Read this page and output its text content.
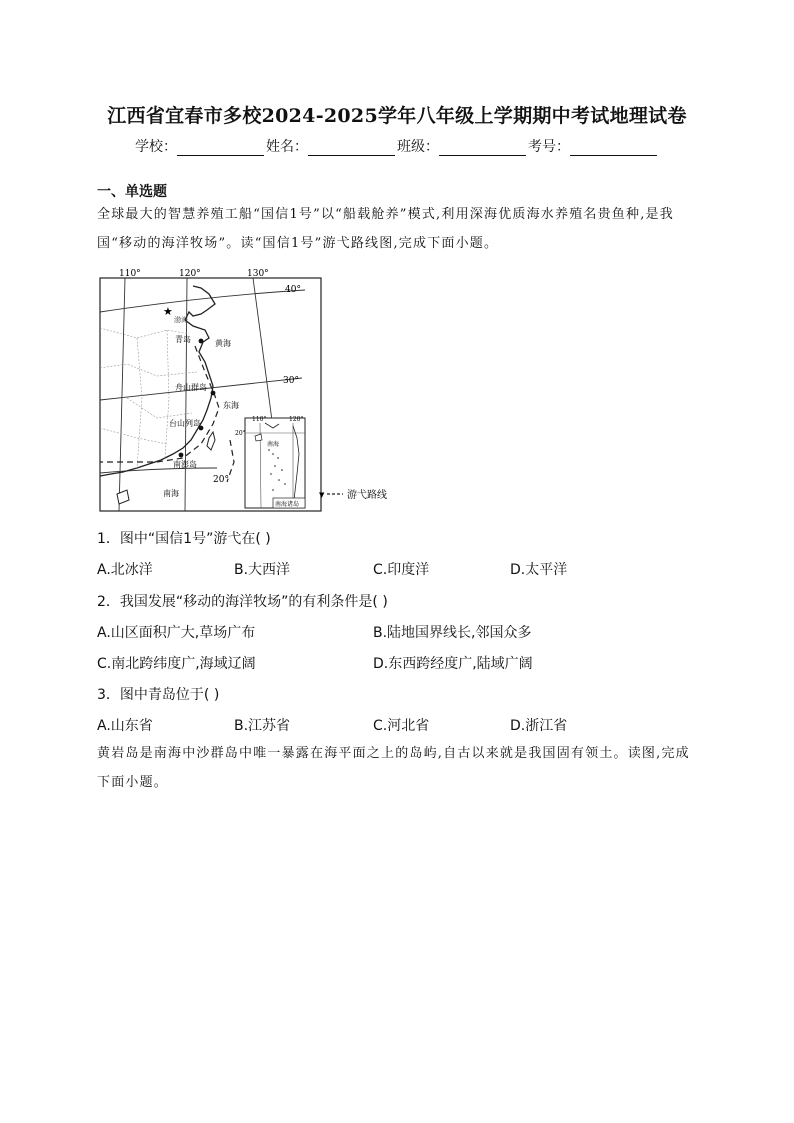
江西省宜春市多校2024-2025学年八年级上学期期中考试地理试卷
学校：	姓名：	班级：	考号：
一、单选题
全球最大的智慧养殖工船“国信1号”以“船载舱养”模式,利用深海优质海水养殖名贵鱼种,是我国“移动的海洋牧场”。读“国信1号”游弋路线图,完成下面小题。
110°	120°	130°
40°
30°
20°
★
渤海
青岛	黄海
舟山群岛
东海
台山列岛
南澎岛
南海
110°	120°
20°
南海
南海诸岛
▼ 游弋路线
1．图中“国信1号”游弋在( )
A.北冰洋	B.大西洋	C.印度洋	D.太平洋
2．我国发展“移动的海洋牧场”的有利条件是( )
A.山区面积广大,草场广布	B.陆地国界线长,邻国众多
C.南北跨纬度广,海域辽阔	D.东西跨经度广,陆域广阔
3．图中青岛位于( )
A.山东省	B.江苏省	C.河北省	D.浙江省
黄岩岛是南海中沙群岛中唯一暴露在海平面之上的岛屿,自古以来就是我国固有领土。读图,完成下面小题。
